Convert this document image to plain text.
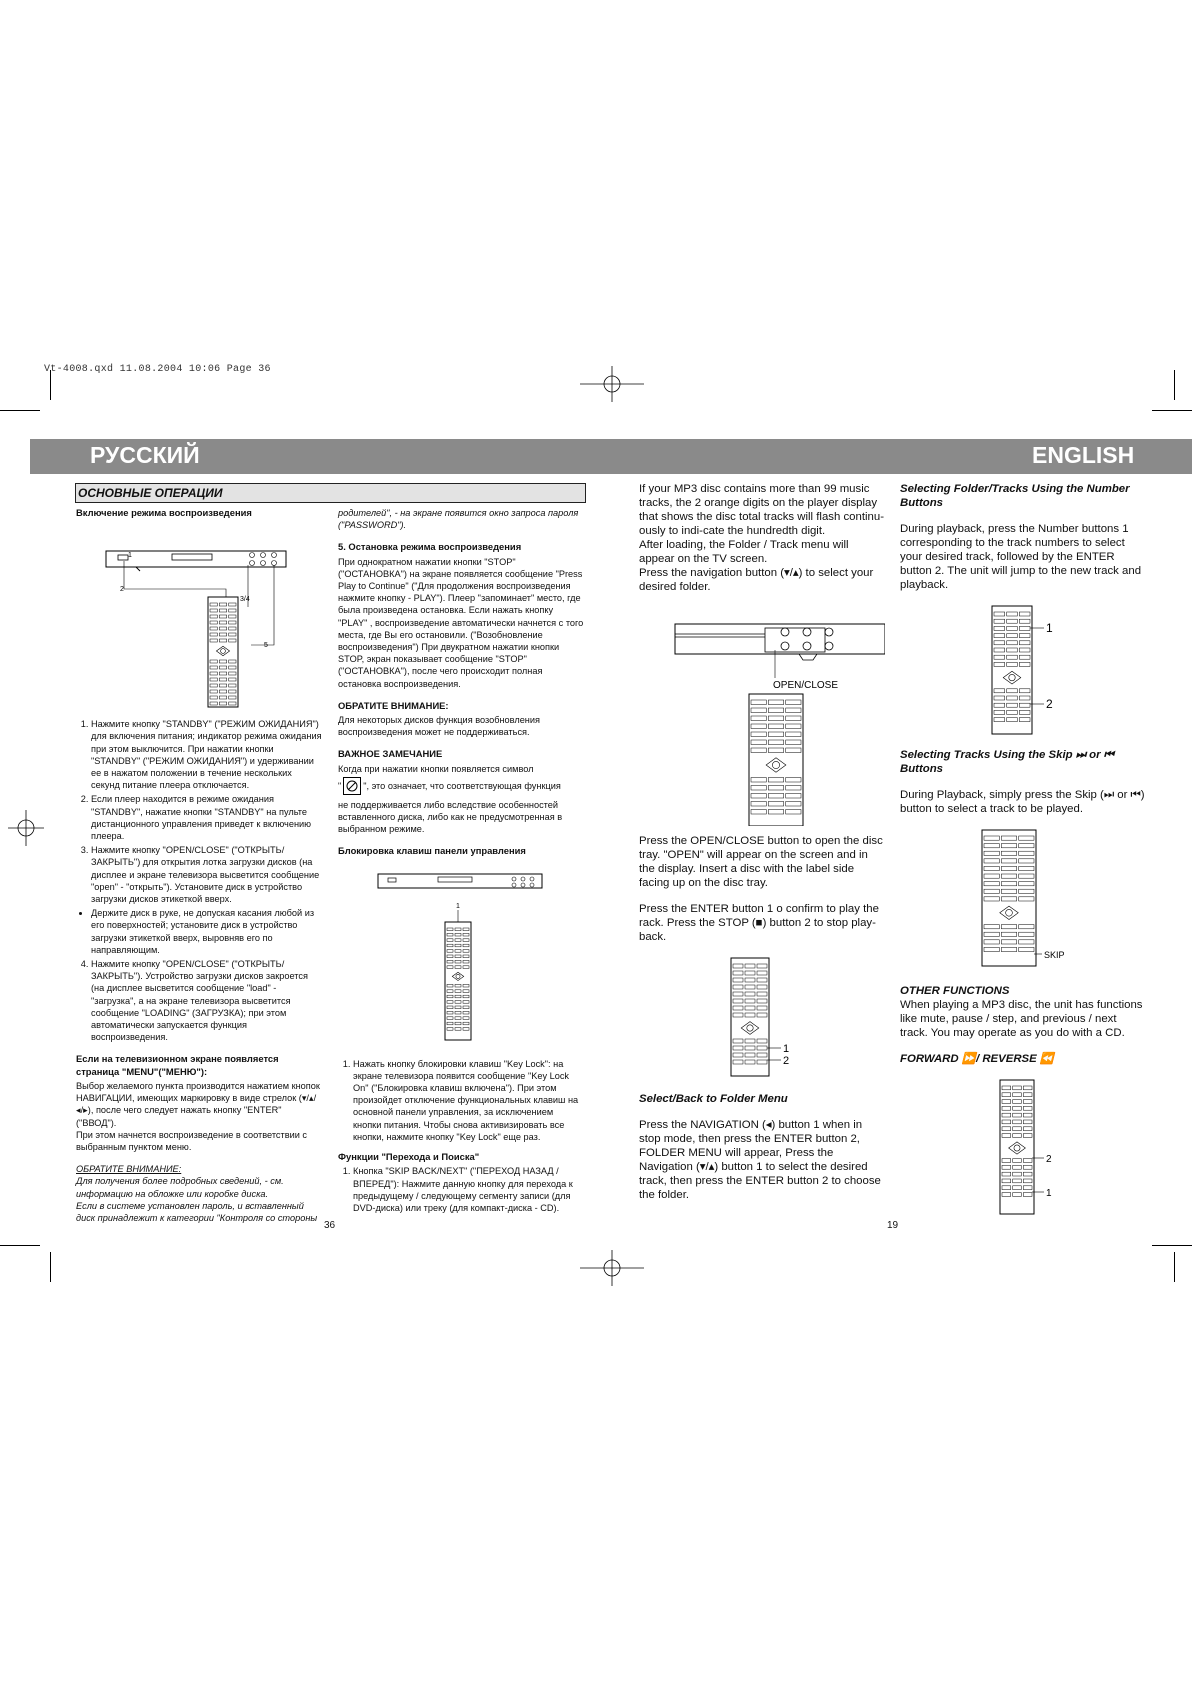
Vt-4008.qxd 11.08.2004 10:06 Page 36
РУССКИЙ	ENGLISH
ОСНОВНЫЕ ОПЕРАЦИИ
Включение режима воспроизведения
1
2
3/4
5
1. Нажмите кнопку "STANDBY" ("РЕЖИМ ОЖИДАНИЯ") для включения питания; индикатор режима ожидания при этом выключится. При нажатии кнопки "STANDBY" ("РЕЖИМ ОЖИДАНИЯ") и удерживании ее в нажатом положении в течение нескольких секунд питание плеера отключается.
2. Если плеер находится в режиме ожидания "STANDBY", нажатие кнопки "STANDBY" на пульте дистанционного управления приведет к включению плеера.
3. Нажмите кнопку "OPEN/CLOSE" ("ОТКРЫТЬ/ЗАКРЫТЬ") для открытия лотка загрузки дисков (на дисплее и экране телевизора высветится сообщение "open" - "открыть"). Установите диск в устройство загрузки дисков этикеткой вверх.
• Держите диск в руке, не допуская касания любой из его поверхностей; установите диск в устройство загрузки этикеткой вверх, выровняв его по направляющим.
4. Нажмите кнопку "OPEN/CLOSE" ("ОТКРЫТЬ/ЗАКРЫТЬ"). Устройство загрузки дисков закроется (на дисплее высветится сообщение "load" - "загрузка", а на экране телевизора высветится сообщение "LOADING" (ЗАГРУЗКА); при этом автоматически запускается функция воспроизведения.
Если на телевизионном экране появляется страница "MENU"("МЕНЮ"):

Выбор желаемого пункта производится нажатием кнопок НАВИГАЦИИ, имеющих маркировку в виде стрелок (▾/▴/◂/▸), после чего следует нажать кнопку "ENTER" ("ВВОД").

При этом начнется воспроизведение в соответствии с выбранным пунктом меню.

ОБРАТИТЕ ВНИМАНИЕ:

Для получения более подробных сведений, - см. информацию на обложке или коробке диска.

Если в системе установлен пароль, и вставленный диск принадлежит к категории "Контроля со стороны

родителей", - на экране появится окно запроса пароля ("PASSWORD").

5. Остановка режима воспроизведения

При однократном нажатии кнопки "STOP" ("ОСТАНОВКА") на экране появляется сообщение "Press Play to Continue" ("Для продолжения воспроизведения нажмите кнопку - PLAY"). Плеер "запоминает" место, где была произведена остановка. Если нажать кнопку "PLAY" , воспроизведение автоматически начнется с того места, где Вы его остановили. ("Возобновление воспроизведения") При двукратном нажатии кнопки STOP, экран показывает сообщение "STOP" ("ОСТАНОВКА"), после чего происходит полная остановка воспроизведения.

ОБРАТИТЕ ВНИМАНИЕ:

Для некоторых дисков функция возобновления воспроизведения может не поддерживаться.

ВАЖНОЕ ЗАМЕЧАНИЕ

Когда при нажатии кнопки появляется символ

" ", это означает, что соответствующая функция

не поддерживается либо вследствие особенностей вставленного диска, либо как не предусмотренная в выбранном режиме.

Блокировка клавиш панели управления
1
1. Нажать кнопку блокировки клавиш "Key Lock": на экране телевизора появится сообщение "Key Lock On" ("Блокировка клавиш включена"). При этом произойдет отключение функциональных клавиш на основной панели управления, за исключением кнопки питания. Чтобы снова активизировать все кнопки, нажмите кнопку "Key Lock" еще раз.
Функции "Перехода и Поиска"
1. Кнопка "SKIP BACK/NEXT" ("ПЕРЕХОД НАЗАД / ВПЕРЕД"): Нажмите данную кнопку для перехода к предыдущему / следующему сегменту записи (для DVD-диска) или треку (для компакт-диска - CD).
36

If your MP3 disc contains more than 99 music tracks, the 2 orange digits on the player display that shows the disc total tracks will flash continu-ously to indi-cate the hundredth digit.

After loading, the Folder / Track menu will appear on the TV screen.

Press the navigation button (▾/▴) to select your desired folder.

OPEN/CLOSE

Press the OPEN/CLOSE button to open the disc tray. "OPEN" will appear on the screen and in the display. Insert a disc with the label side facing up on the disc tray.

Press the ENTER button 1 o confirm to play the rack. Press the STOP (■) button 2 to stop play-back.

1
2
Select/Back to Folder Menu

Press the NAVIGATION (◂) button 1 when in stop mode, then press the ENTER button 2, FOLDER MENU will appear, Press the Navigation (▾/▴) button 1 to select the desired track, then press the ENTER button 2 to choose the folder.

Selecting Folder/Tracks Using the Number Buttons

During playback, press the Number buttons 1 corresponding to the track numbers to select your desired track, followed by the ENTER button 2. The unit will jump to the new track and playback.

1
2
Selecting Tracks Using the Skip ⏭ or ⏮ Buttons

During Playback, simply press the Skip (⏭ or ⏮) button to select a track to be played.

SKIP
OTHER FUNCTIONS

When playing a MP3 disc, the unit has functions like mute, pause / step, and previous / next track. You may operate as you do with a CD.

FORWARD ⏩/ REVERSE ⏪
2
1
19
